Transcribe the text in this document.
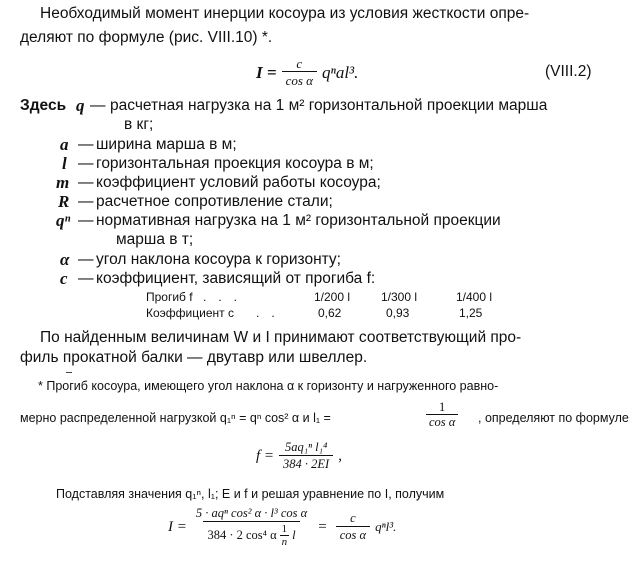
Необходимый момент инерции косоура из условия жесткости опре-
деляют по формуле (рис. VIII.10) *.
$I = \frac{c}{\text{cos α}} q^nal^3$.	(VIII.2)
Здесь q — расчетная нагрузка на 1 м² горизонтальной проекции марша
в кг;
a — ширина марша в м;
l — горизонтальная проекция косоура в м;
m — коэффициент условий работы косоура;
R — расчетное сопротивление стали;
qⁿ — нормативная нагрузка на 1 м² горизонтальной проекции
марша в т;
α — угол наклона косоура к горизонту;
c — коэффициент, зависящий от прогиба f:
Прогиб f ...	1/200 l	1/300 l	1/400 l
Коэффициент c ..	0,62	0,93	1,25
По найденным величинам W и I принимают соответствующий про-
филь прокатной балки — двутавр или швеллер.
* Прогиб косоура, имеющего угол наклона α к горизонту и нагруженного равно-
мерно распределенной нагрузкой q₁ⁿ = qⁿ cos² α и l₁ =	$\frac{1}{\text{cos α}}$ , определяют по формуле
$f = \frac{\text{5aq₁ⁿ l₁⁴}}{384 \cdot 2EI}$ ,
Подставляя значения q₁ⁿ, l₁; E и f и решая уравнение по I, получим
I =
5 · aqⁿ cos² α · l³ cos α
384 · 2 cos⁴ α $\frac{1}{n}$ $l = \frac{c}{\text{cos α}} q^nl^3$.
